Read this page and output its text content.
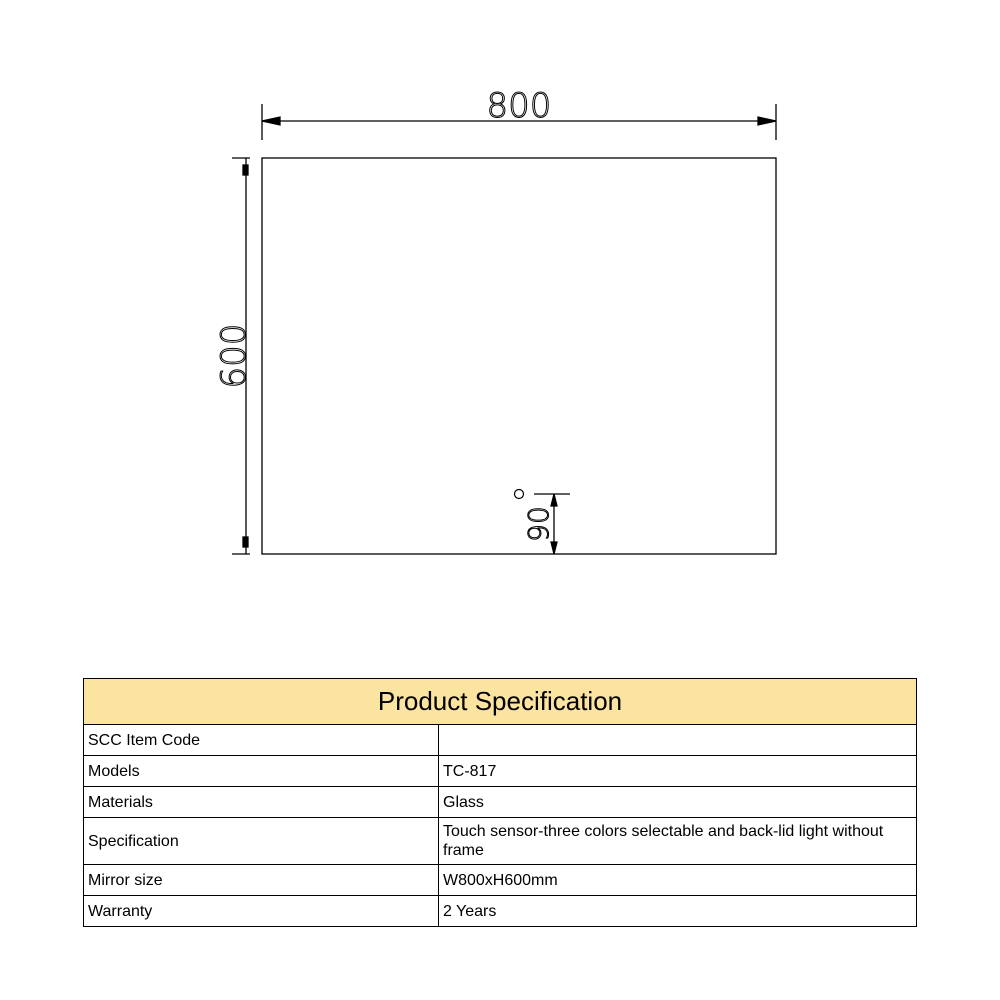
800
600
90
Product Specification	
SCC Item Code	
Models	TC-817
Materials	Glass
Specification	Touch sensor-three colors selectable and back-lid light without frame
Mirror size	W800xH600mm
Warranty	2 Years
